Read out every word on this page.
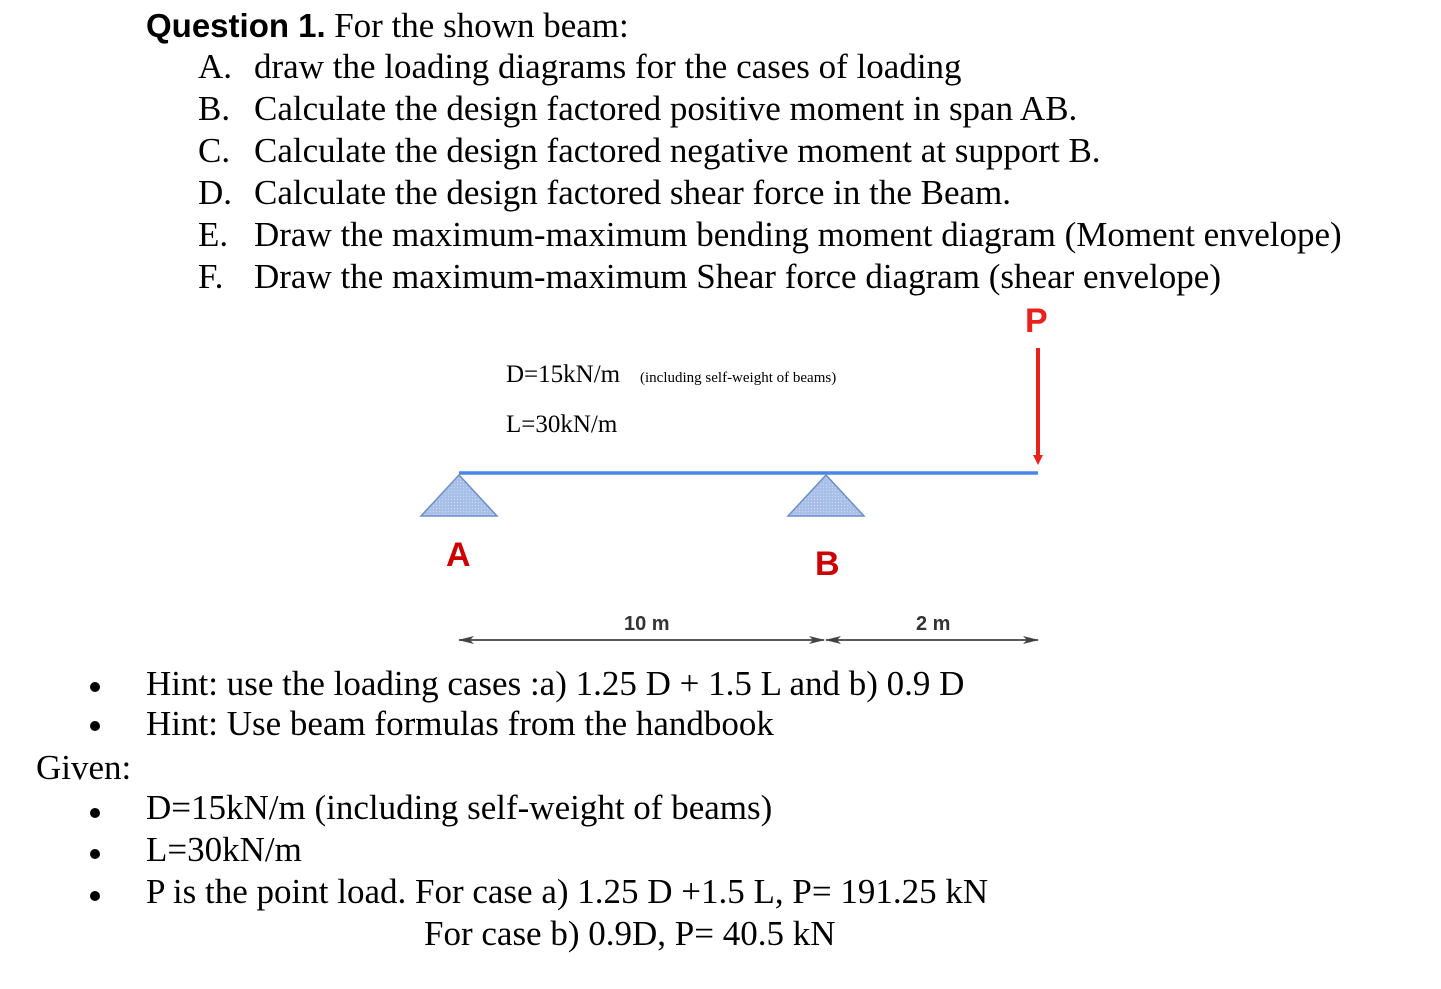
Question 1. For the shown beam:
A. draw the loading diagrams for the cases of loading
B. Calculate the design factored positive moment in span AB.
C. Calculate the design factored negative moment at support B.
D. Calculate the design factored shear force in the Beam.
E. Draw the maximum-maximum bending moment diagram (Moment envelope)
F. Draw the maximum-maximum Shear force diagram (shear envelope)
D=15kN/m (including self-weight of beams)
L=30kN/m
P
A	B
10 m	2 m
Hint: use the loading cases :a) 1.25 D + 1.5 L and b) 0.9 D
Hint: Use beam formulas from the handbook
Given:
D=15kN/m (including self-weight of beams)
L=30kN/m
P is the point load. For case a) 1.25 D +1.5 L, P= 191.25 kN
For case b) 0.9D, P= 40.5 kN
